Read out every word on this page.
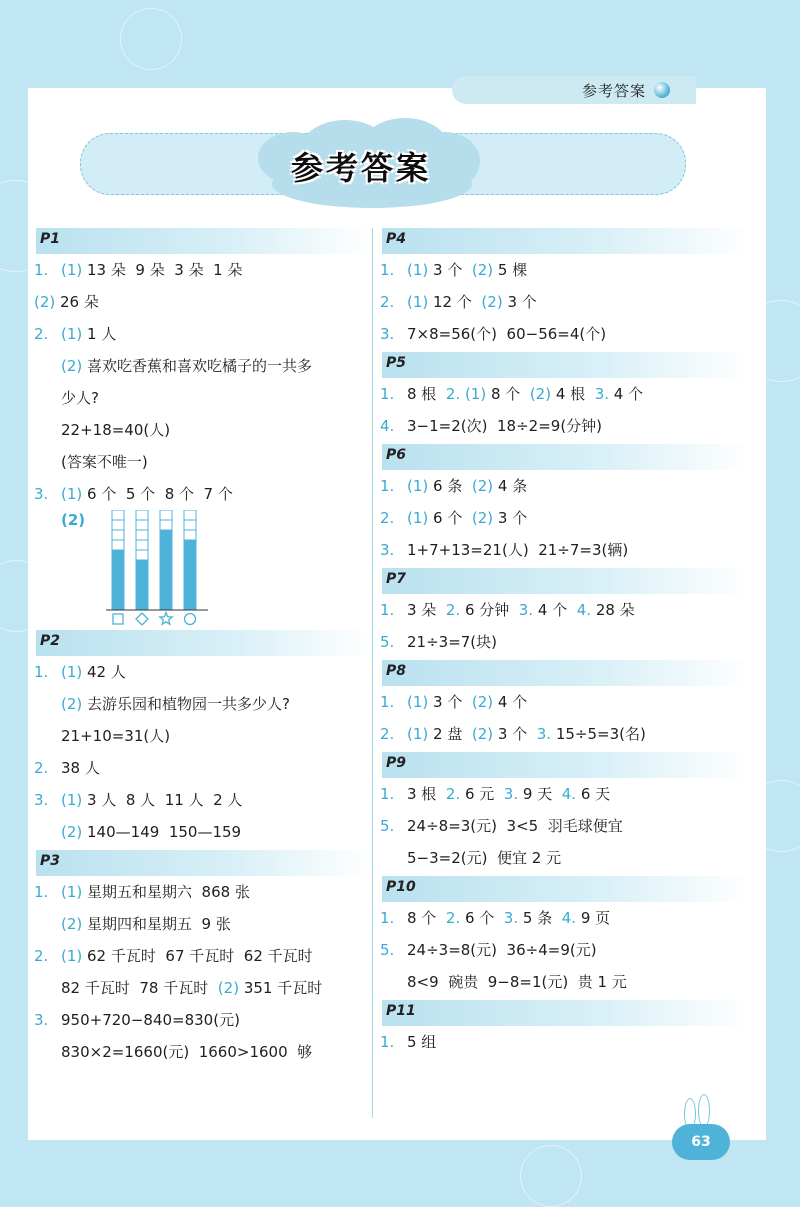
参考答案
参考答案
P1
1. (1) 13 朵  9 朵  3 朵  1 朵
(2) 26 朵
2. (1) 1 人
(2) 喜欢吃香蕉和喜欢吃橘子的一共多
少人?
22+18=40(人)
(答案不唯一)
3. (1) 6 个  5 个  8 个  7 个
(2)
P2
1. (1) 42 人
(2) 去游乐园和植物园一共多少人?
21+10=31(人)
2. 38 人
3. (1) 3 人  8 人  11 人  2 人
(2) 140—149  150—159
P3
1. (1) 星期五和星期六  868 张
(2) 星期四和星期五  9 张
2. (1) 62 千瓦时  67 千瓦时  62 千瓦时
82 千瓦时  78 千瓦时  (2) 351 千瓦时
3. 950+720−840=830(元)
830×2=1660(元)  1660>1600  够
P4
1. (1) 3 个  (2) 5 棵
2. (1) 12 个  (2) 3 个
3. 7×8=56(个)  60−56=4(个)
P5
1. 8 根  2. (1) 8 个  (2) 4 根  3. 4 个
4. 3−1=2(次)  18÷2=9(分钟)
P6
1. (1) 6 条  (2) 4 条
2. (1) 6 个  (2) 3 个
3. 1+7+13=21(人)  21÷7=3(辆)
P7
1. 3 朵  2. 6 分钟  3. 4 个  4. 28 朵
5. 21÷3=7(块)
P8
1. (1) 3 个  (2) 4 个
2. (1) 2 盘  (2) 3 个  3. 15÷5=3(名)
P9
1. 3 根  2. 6 元  3. 9 天  4. 6 天
5. 24÷8=3(元)  3<5  羽毛球便宜
5−3=2(元)  便宜 2 元
P10
1. 8 个  2. 6 个  3. 5 条  4. 9 页
5. 24÷3=8(元)  36÷4=9(元)
8<9  碗贵  9−8=1(元)  贵 1 元
P11
1. 5 组
63
